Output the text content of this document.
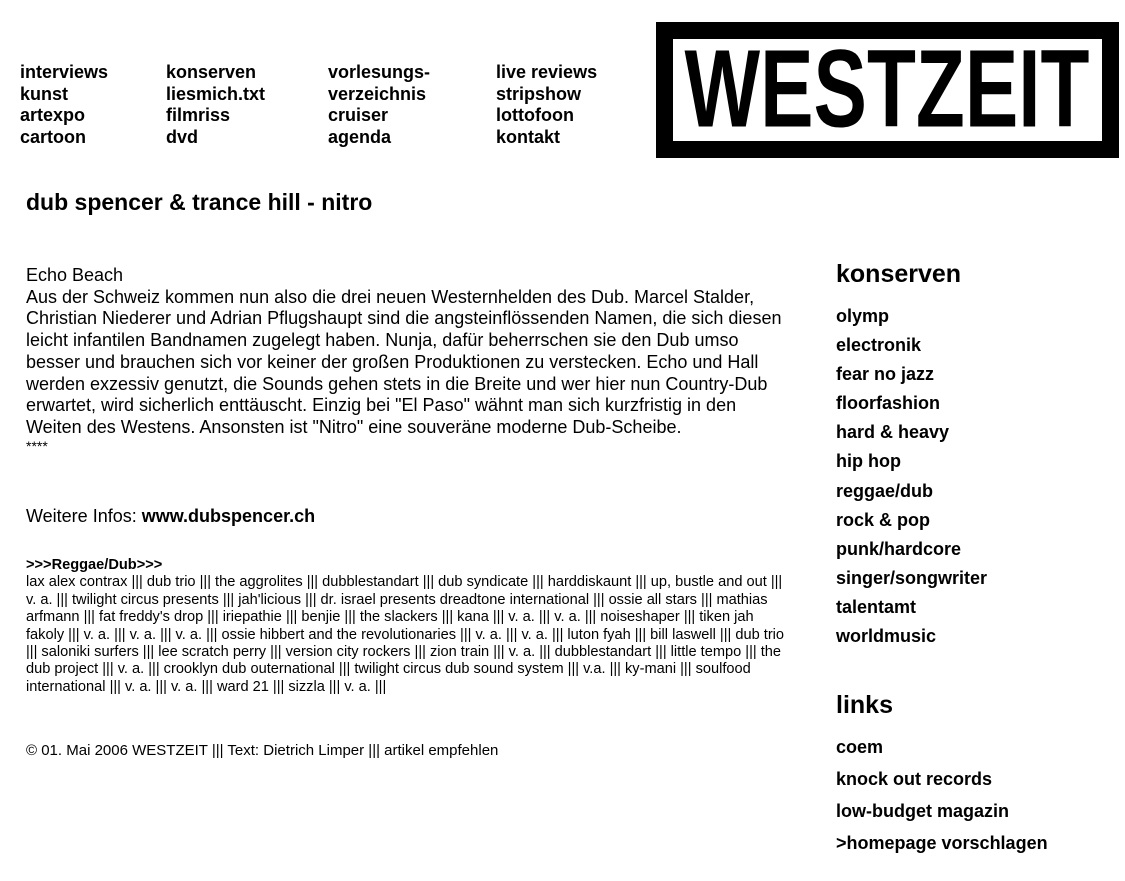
interviews
kunst
artexpo
cartoon
konserven
liesmich.txt
filmriss
dvd
vorlesungs-
verzeichnis
cruiser
agenda
live reviews
stripshow
lottofoon
kontakt	WESTZEIT
dub spencer & trance hill - nitro

Echo Beach

Aus der Schweiz kommen nun also die drei neuen Westernhelden des Dub. Marcel Stalder, Christian Niederer und Adrian Pflugshaupt sind die angsteinflössenden Namen, die sich diesen leicht infantilen Bandnamen zugelegt haben. Nunja, dafür beherrschen sie den Dub umso besser und brauchen sich vor keiner der großen Produktionen zu verstecken. Echo und Hall werden exzessiv genutzt, die Sounds gehen stets in die Breite und wer hier nun Country-Dub erwartet, wird sicherlich enttäuscht. Einzig bei "El Paso" wähnt man sich kurzfristig in den Weiten des Westens. Ansonsten ist "Nitro" eine souveräne moderne Dub-Scheibe.

****
Weitere Infos: www.dubspencer.ch
>>>Reggae/Dub>>>
lax alex contrax ||| dub trio ||| the aggrolites ||| dubblestandart ||| dub syndicate ||| harddiskaunt ||| up, bustle and out ||| v. a. ||| twilight circus presents ||| jah'licious ||| dr. israel presents dreadtone international ||| ossie all stars ||| mathias arfmann ||| fat freddy's drop ||| iriepathie ||| benjie ||| the slackers ||| kana ||| v. a. ||| v. a. ||| noiseshaper ||| tiken jah fakoly ||| v. a. ||| v. a. ||| v. a. ||| ossie hibbert and the revolutionaries ||| v. a. ||| v. a. ||| luton fyah ||| bill laswell ||| dub trio ||| saloniki surfers ||| lee scratch perry ||| version city rockers ||| zion train ||| v. a. ||| dubblestandart ||| little tempo ||| the dub project ||| v. a. ||| crooklyn dub outernational ||| twilight circus dub sound system ||| v.a. ||| ky-mani ||| soulfood international ||| v. a. ||| v. a. ||| ward 21 ||| sizzla ||| v. a. |||
© 01. Mai 2006 WESTZEIT ||| Text: Dietrich Limper ||| artikel empfehlen
konserven
olymp
electronik
fear no jazz
floorfashion
hard & heavy
hip hop
reggae/dub
rock & pop
punk/hardcore
singer/songwriter
talentamt
worldmusic
links
coem
knock out records
low-budget magazin
>homepage vorschlagen
